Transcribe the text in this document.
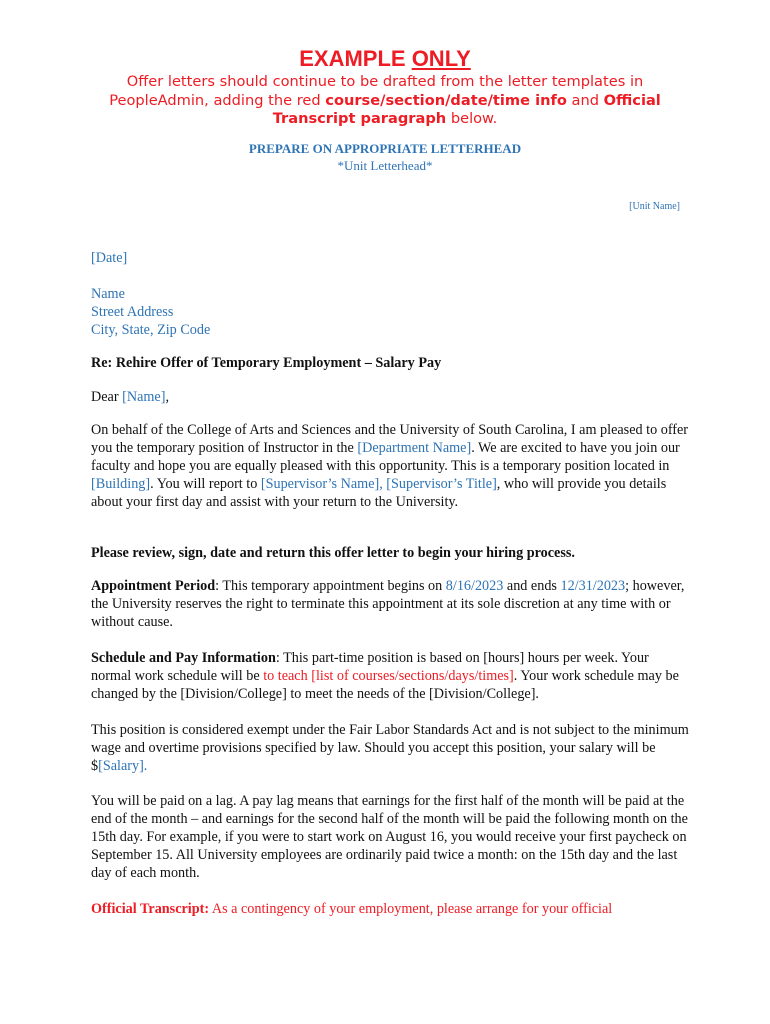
EXAMPLE ONLY
Offer letters should continue to be drafted from the letter templates in PeopleAdmin, adding the red course/section/date/time info and Official Transcript paragraph below.
PREPARE ON APPROPRIATE LETTERHEAD
*Unit Letterhead*
[Unit Name]
[Date]
Name
Street Address
City, State, Zip Code
Re: Rehire Offer of Temporary Employment – Salary Pay
Dear [Name],
On behalf of the College of Arts and Sciences and the University of South Carolina, I am pleased to offer you the temporary position of Instructor in the [Department Name]. We are excited to have you join our faculty and hope you are equally pleased with this opportunity. This is a temporary position located in [Building]. You will report to [Supervisor’s Name], [Supervisor’s Title], who will provide you details about your first day and assist with your return to the University.
Please review, sign, date and return this offer letter to begin your hiring process.
Appointment Period: This temporary appointment begins on 8/16/2023 and ends 12/31/2023; however, the University reserves the right to terminate this appointment at its sole discretion at any time with or without cause.
Schedule and Pay Information: This part-time position is based on [hours] hours per week. Your normal work schedule will be to teach [list of courses/sections/days/times]. Your work schedule may be changed by the [Division/College] to meet the needs of the [Division/College].
This position is considered exempt under the Fair Labor Standards Act and is not subject to the minimum wage and overtime provisions specified by law. Should you accept this position, your salary will be $[Salary].
You will be paid on a lag. A pay lag means that earnings for the first half of the month will be paid at the end of the month – and earnings for the second half of the month will be paid the following month on the 15th day. For example, if you were to start work on August 16, you would receive your first paycheck on September 15. All University employees are ordinarily paid twice a month: on the 15th day and the last day of each month.
Official Transcript: As a contingency of your employment, please arrange for your official
